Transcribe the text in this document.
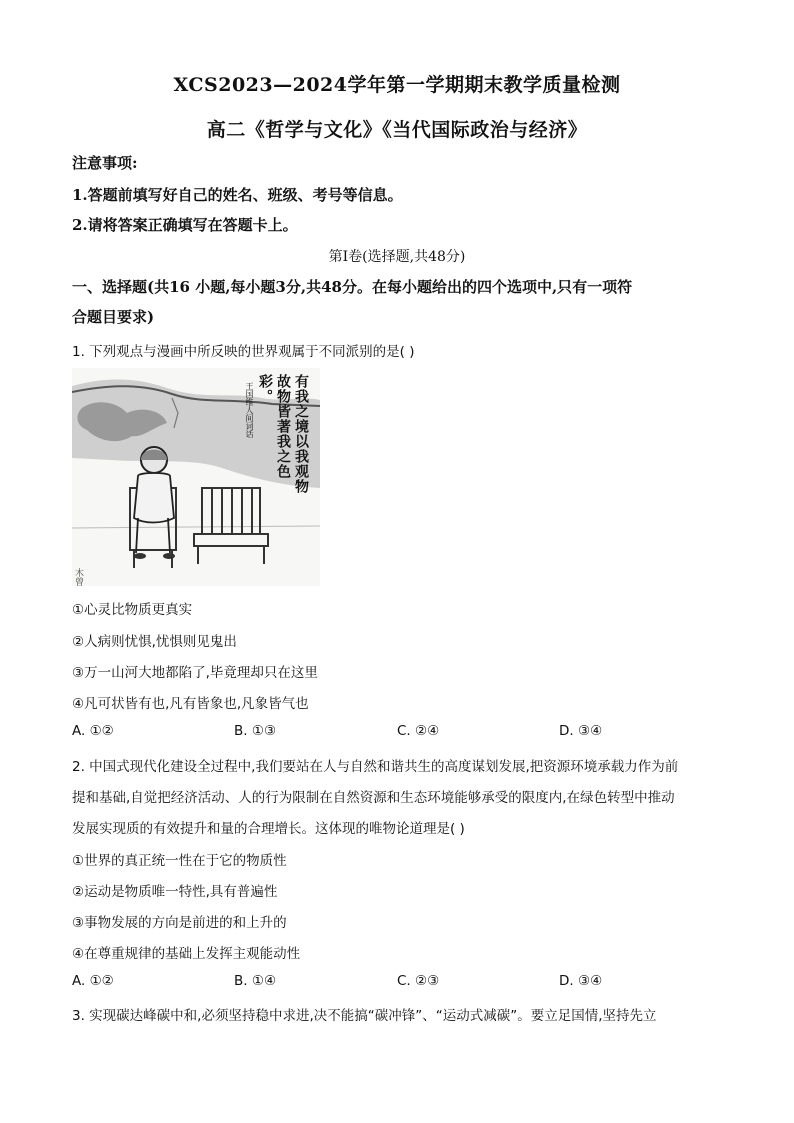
XCS2023—2024学年第一学期期末教学质量检测
高二《哲学与文化》《当代国际政治与经济》
注意事项:
1.答题前填写好自己的姓名、班级、考号等信息。
2.请将答案正确填写在答题卡上。
第Ⅰ卷(选择题,共48分)
一、选择题(共16 小题,每小题3分,共48分。在每小题给出的四个选项中,只有一项符
合题目要求)
1. 下列观点与漫画中所反映的世界观属于不同派别的是( )
木曾书坊
有我之境以我观物故物皆著我之色彩。
王国维人间词话
①心灵比物质更真实
②人病则忧惧,忧惧则见鬼出
③万一山河大地都陷了,毕竟理却只在这里
④凡可状皆有也,凡有皆象也,凡象皆气也
A. ①②	B. ①③	C. ②④	D. ③④
2. 中国式现代化建设全过程中,我们要站在人与自然和谐共生的高度谋划发展,把资源环境承载力作为前
提和基础,自觉把经济活动、人的行为限制在自然资源和生态环境能够承受的限度内,在绿色转型中推动
发展实现质的有效提升和量的合理增长。这体现的唯物论道理是( )
①世界的真正统一性在于它的物质性
②运动是物质唯一特性,具有普遍性
③事物发展的方向是前进的和上升的
④在尊重规律的基础上发挥主观能动性
A. ①②	B. ①④	C. ②③	D. ③④
3. 实现碳达峰碳中和,必须坚持稳中求进,决不能搞“碳冲锋”、“运动式减碳”。要立足国情,坚持先立
